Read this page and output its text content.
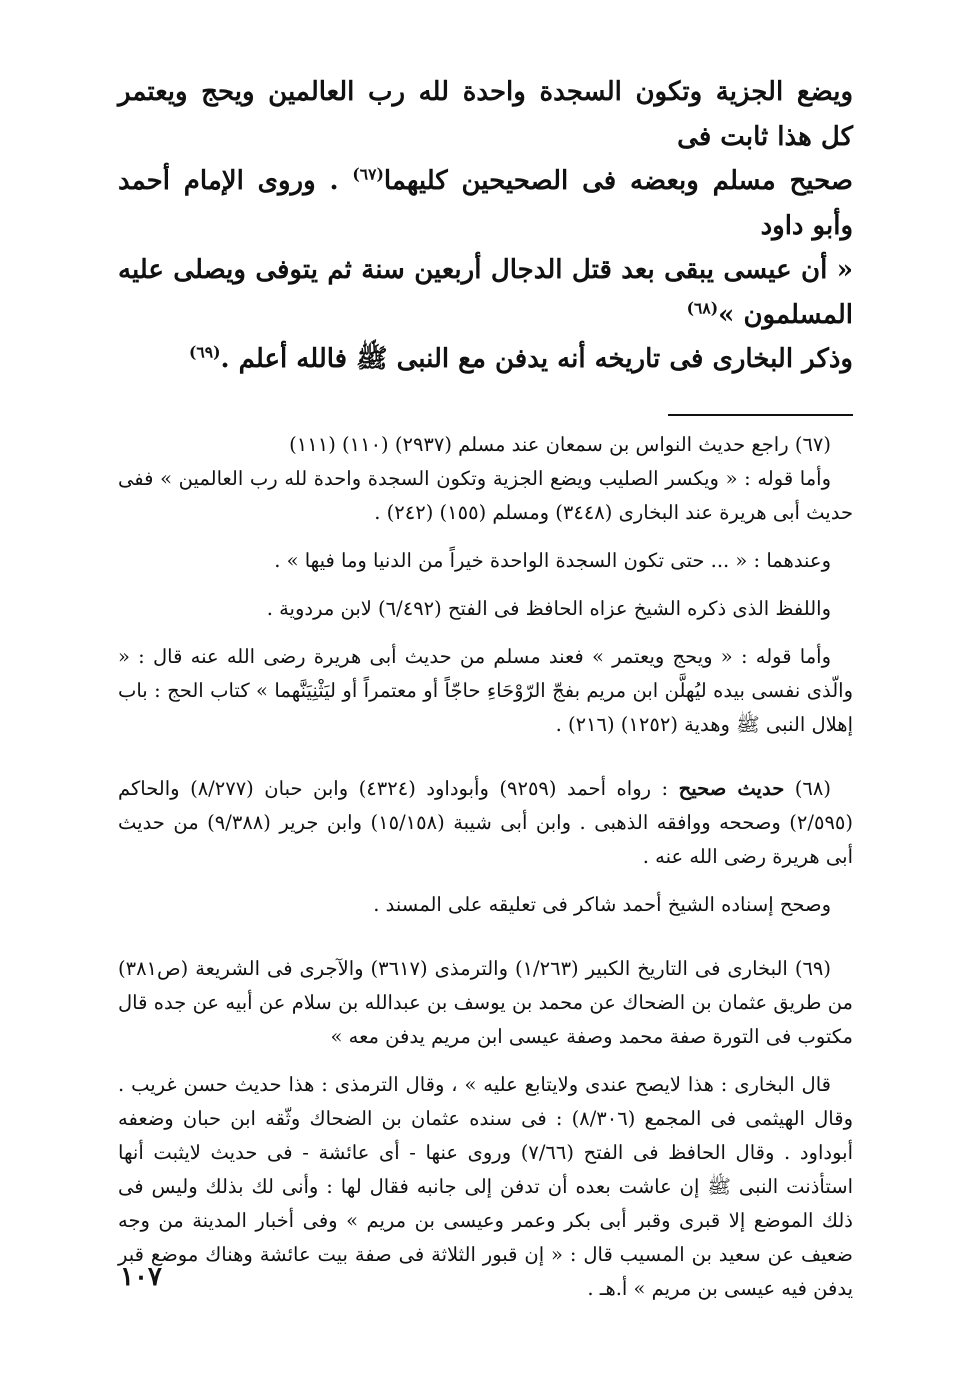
ويضع الجزية وتكون السجدة واحدة لله رب العالمين ويحج ويعتمر كل هذا ثابت فى

صحيح مسلم وبعضه فى الصحيحين كليهما$^{(٦٧)}$ . وروى الإمام أحمد وأبو داود

« أن عيسى يبقى بعد قتل الدجال أربعين سنة ثم يتوفى ويصلى عليه المسلمون »$^{(٦٨)}$

وذكر البخارى فى تاريخه أنه يدفن مع النبى ﷺ فالله أعلم .$^{(٦٩)}$

(٦٧) راجع حديث النواس بن سمعان عند مسلم (٢٩٣٧) (١١٠) (١١١)

وأما قوله : « ويكسر الصليب ويضع الجزية وتكون السجدة واحدة لله رب العالمين » ففى حديث أبى هريرة عند البخارى (٣٤٤٨) ومسلم (١٥٥) (٢٤٢) .

وعندهما : « ... حتى تكون السجدة الواحدة خيراً من الدنيا وما فيها » .

واللفظ الذى ذكره الشيخ عزاه الحافظ فى الفتح (٦/٤٩٢) لابن مردوية .

وأما قوله : « ويحج ويعتمر » فعند مسلم من حديث أبى هريرة رضى الله عنه قال : « والّذى نفسى بيده ليُهلَّن ابن مريم بفجّ الرّوْحَاءِ حاجّاً أو معتمراً أو ليَثْنِيَنَّهما » كتاب الحج : باب إهلال النبى ﷺ وهدية (١٢٥٢) (٢١٦) .

(٦٨) حديث صحيح : رواه أحمد (٩٢٥٩) وأبوداود (٤٣٢٤) وابن حبان (٨/٢٧٧) والحاكم (٢/٥٩٥) وصححه ووافقه الذهبى . وابن أبى شيبة (١٥/١٥٨) وابن جرير (٩/٣٨٨) من حديث أبى هريرة رضى الله عنه .

وصحح إسناده الشيخ أحمد شاكر فى تعليقه على المسند .

(٦٩) البخارى فى التاريخ الكبير (١/٢٦٣) والترمذى (٣٦١٧) والآجرى فى الشريعة (ص٣٨١) من طريق عثمان بن الضحاك عن محمد بن يوسف بن عبدالله بن سلام عن أبيه عن جده قال مكتوب فى التورة صفة محمد وصفة عيسى ابن مريم يدفن معه »

قال البخارى : هذا لايصح عندى ولايتابع عليه » ، وقال الترمذى : هذا حديث حسن غريب . وقال الهيثمى فى المجمع (٨/٣٠٦) : فى سنده عثمان بن الضحاك وثّقه ابن حبان وضعفه أبوداود . وقال الحافظ فى الفتح (٧/٦٦) وروى عنها - أى عائشة - فى حديث لايثبت أنها استأذنت النبى ﷺ إن عاشت بعده أن تدفن إلى جانبه فقال لها : وأنى لك بذلك وليس فى ذلك الموضع إلا قبرى وقبر أبى بكر وعمر وعيسى بن مريم » وفى أخبار المدينة من وجه ضعيف عن سعيد بن المسيب قال : « إن قبور الثلاثة فى صفة بيت عائشة وهناك موضع قبر يدفن فيه عيسى بن مريم » أ.هـ .

١٠٧
